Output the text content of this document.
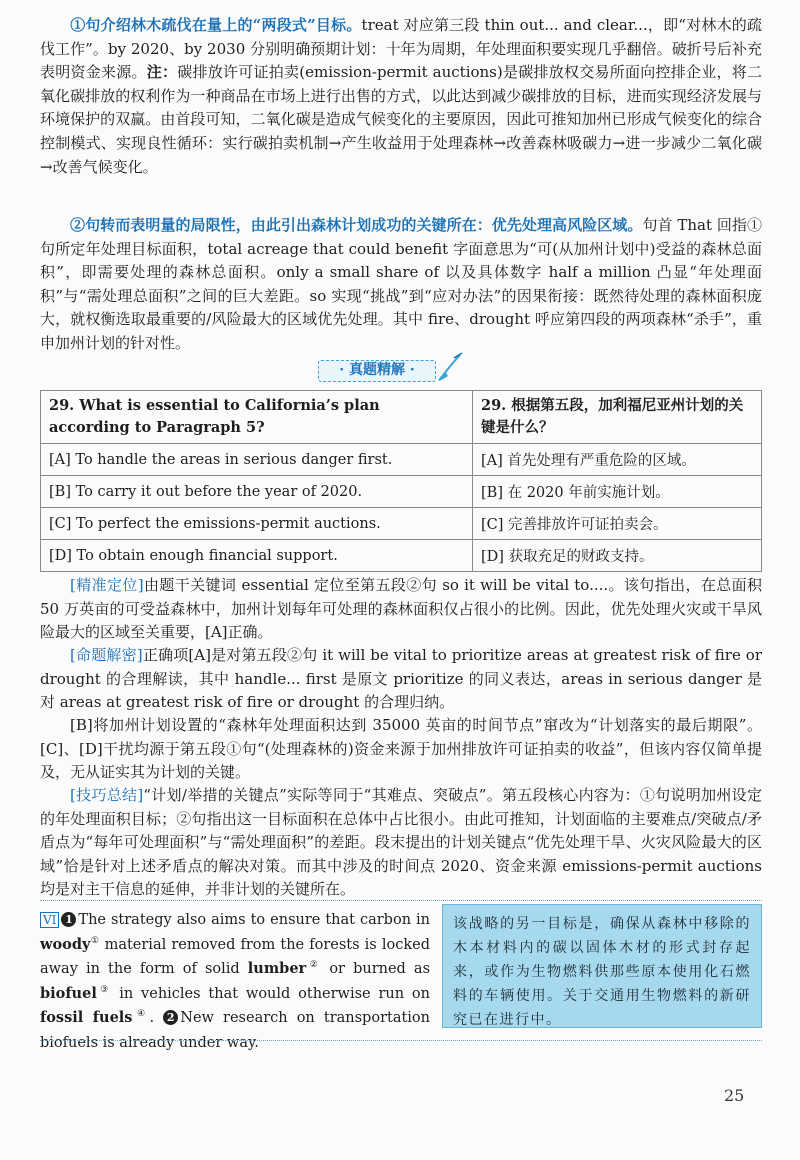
①句介绍林木疏伐在量上的“两段式”目标。treat 对应第三段 thin out... and clear...，即“对林木的疏伐工作”。by 2020、by 2030 分别明确预期计划：十年为周期，年处理面积要实现几乎翻倍。破折号后补充表明资金来源。注：碳排放许可证拍卖(emission-permit auctions)是碳排放权交易所面向控排企业，将二氧化碳排放的权利作为一种商品在市场上进行出售的方式，以此达到减少碳排放的目标，进而实现经济发展与环境保护的双赢。由首段可知，二氧化碳是造成气候变化的主要原因，因此可推知加州已形成气候变化的综合控制模式、实现良性循环：实行碳拍卖机制→产生收益用于处理森林→改善森林吸碳力→进一步减少二氧化碳→改善气候变化。
②句转而表明量的局限性，由此引出森林计划成功的关键所在：优先处理高风险区域。句首 That 回指①句所定年处理目标面积，total acreage that could benefit 字面意思为“可(从加州计划中)受益的森林总面积”，即需要处理的森林总面积。only a small share of 以及具体数字 half a million 凸显“年处理面积”与“需处理总面积”之间的巨大差距。so 实现“挑战”到“应对办法”的因果衔接：既然待处理的森林面积庞大，就权衡选取最重要的/风险最大的区域优先处理。其中 fire、drought 呼应第四段的两项森林“杀手”，重申加州计划的针对性。
· 真题精解 ·
29. What is essential to California’s plan according to Paragraph 5?	29. 根据第五段，加利福尼亚州计划的关键是什么？
[A] To handle the areas in serious danger first.	[A] 首先处理有严重危险的区域。
[B] To carry it out before the year of 2020.	[B] 在 2020 年前实施计划。
[C] To perfect the emissions-permit auctions.	[C] 完善排放许可证拍卖会。
[D] To obtain enough financial support.	[D] 获取充足的财政支持。
[精准定位]由题干关键词 essential 定位至第五段②句 so it will be vital to....。该句指出，在总面积 50 万英亩的可受益森林中，加州计划每年可处理的森林面积仅占很小的比例。因此，优先处理火灾或干旱风险最大的区域至关重要，[A]正确。
[命题解密]正确项[A]是对第五段②句 it will be vital to prioritize areas at greatest risk of fire or drought 的合理解读，其中 handle... first 是原文 prioritize 的同义表达，areas in serious danger 是对 areas at greatest risk of fire or drought 的合理归纳。
[B]将加州计划设置的“森林年处理面积达到 35000 英亩的时间节点”窜改为“计划落实的最后期限”。[C]、[D]干扰均源于第五段①句“(处理森林的)资金来源于加州排放许可证拍卖的收益”，但该内容仅简单提及，无从证实其为计划的关键。
[技巧总结]“计划/举措的关键点”实际等同于“其难点、突破点”。第五段核心内容为：①句说明加州设定的年处理面积目标；②句指出这一目标面积在总体中占比很小。由此可推知，计划面临的主要难点/突破点/矛盾点为“每年可处理面积”与“需处理面积”的差距。段末提出的计划关键点“优先处理干旱、火灾风险最大的区域”恰是针对上述矛盾点的解决对策。而其中涉及的时间点 2020、资金来源 emissions-permit auctions 均是对主干信息的延伸，并非计划的关键所在。
VI 1 The strategy also aims to ensure that carbon in woody① material removed from the forests is locked away in the form of solid lumber② or burned as biofuel③ in vehicles that would otherwise run on fossil fuels④. 2 New research on transportation biofuels is already under way.
该战略的另一目标是，确保从森林中移除的木本材料内的碳以固体木材的形式封存起来，或作为生物燃料供那些原本使用化石燃料的车辆使用。关于交通用生物燃料的新研究已在进行中。
25
